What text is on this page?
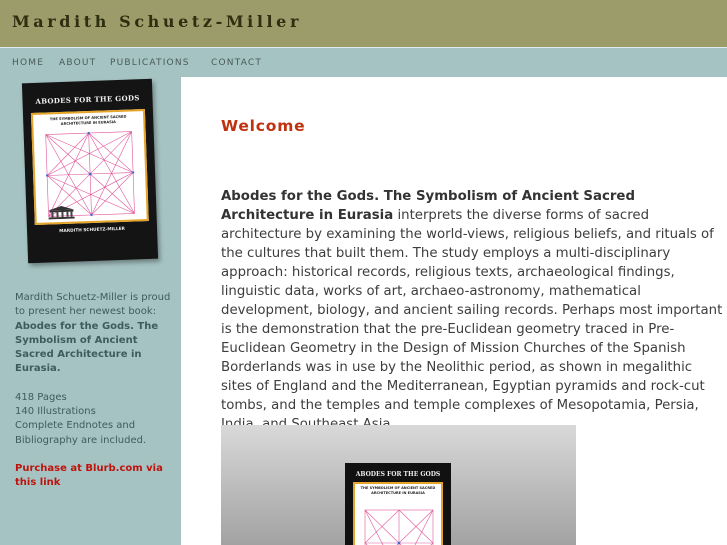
Mardith Schuetz-Miller
HOME ABOUT PUBLICATIONS CONTACT
ABODES FOR THE GODS
THE SYMBOLISM OF ANCIENT SACRED ARCHITECTURE IN EURASIA
MARDITH SCHUETZ-MILLER
Mardith Schuetz-Miller is proud to present her newest book:
Abodes for the Gods. The Symbolism of Ancient Sacred Architecture in Eurasia.
418 Pages
140 Illustrations
Complete Endnotes and Bibliography are included.
Purchase at Blurb.com via this link
Welcome

Abodes for the Gods. The Symbolism of Ancient Sacred Architecture in Eurasia interprets the diverse forms of sacred architecture by examining the world-views, religious beliefs, and rituals of the cultures that built them. The study employs a multi-disciplinary approach: historical records, religious texts, archaeological findings, linguistic data, works of art, archaeo-astronomy, mathematical development, biology, and ancient sailing records. Perhaps most important is the demonstration that the pre-Euclidean geometry traced in Pre-Euclidean Geometry in the Design of Mission Churches of the Spanish Borderlands was in use by the Neolithic period, as shown in megalithic sites of England and the Mediterranean, Egyptian pyramids and rock-cut tombs, and the temples and temple complexes of Mesopotamia, Persia,

ABODES FOR THE GODS
THE SYMBOLISM OF ANCIENT SACRED ARCHITECTURE IN EURASIA
